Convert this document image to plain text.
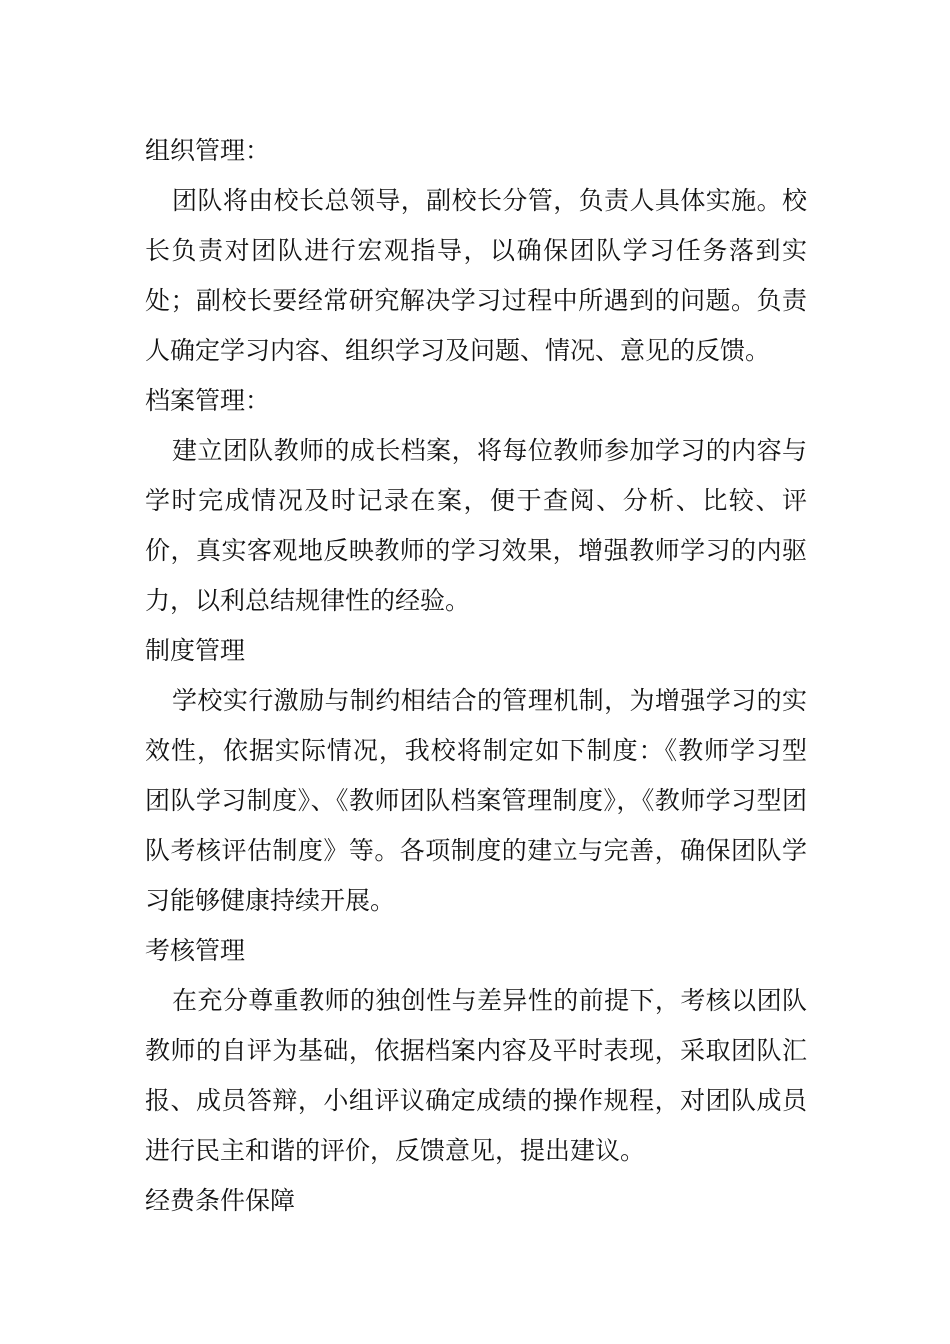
组织管理：

团队将由校长总领导，副校长分管，负责人具体实施。校长负责对团队进行宏观指导，以确保团队学习任务落到实处；副校长要经常研究解决学习过程中所遇到的问题。负责人确定学习内容、组织学习及问题、情况、意见的反馈。

档案管理：

建立团队教师的成长档案，将每位教师参加学习的内容与学时完成情况及时记录在案，便于查阅、分析、比较、评价，真实客观地反映教师的学习效果，增强教师学习的内驱力，以利总结规律性的经验。

制度管理

学校实行激励与制约相结合的管理机制，为增强学习的实效性，依据实际情况，我校将制定如下制度：《教师学习型团队学习制度》、《教师团队档案管理制度》，《教师学习型团队考核评估制度》等。各项制度的建立与完善，确保团队学习能够健康持续开展。

考核管理

在充分尊重教师的独创性与差异性的前提下，考核以团队教师的自评为基础，依据档案内容及平时表现，采取团队汇报、成员答辩，小组评议确定成绩的操作规程，对团队成员进行民主和谐的评价，反馈意见，提出建议。

经费条件保障
